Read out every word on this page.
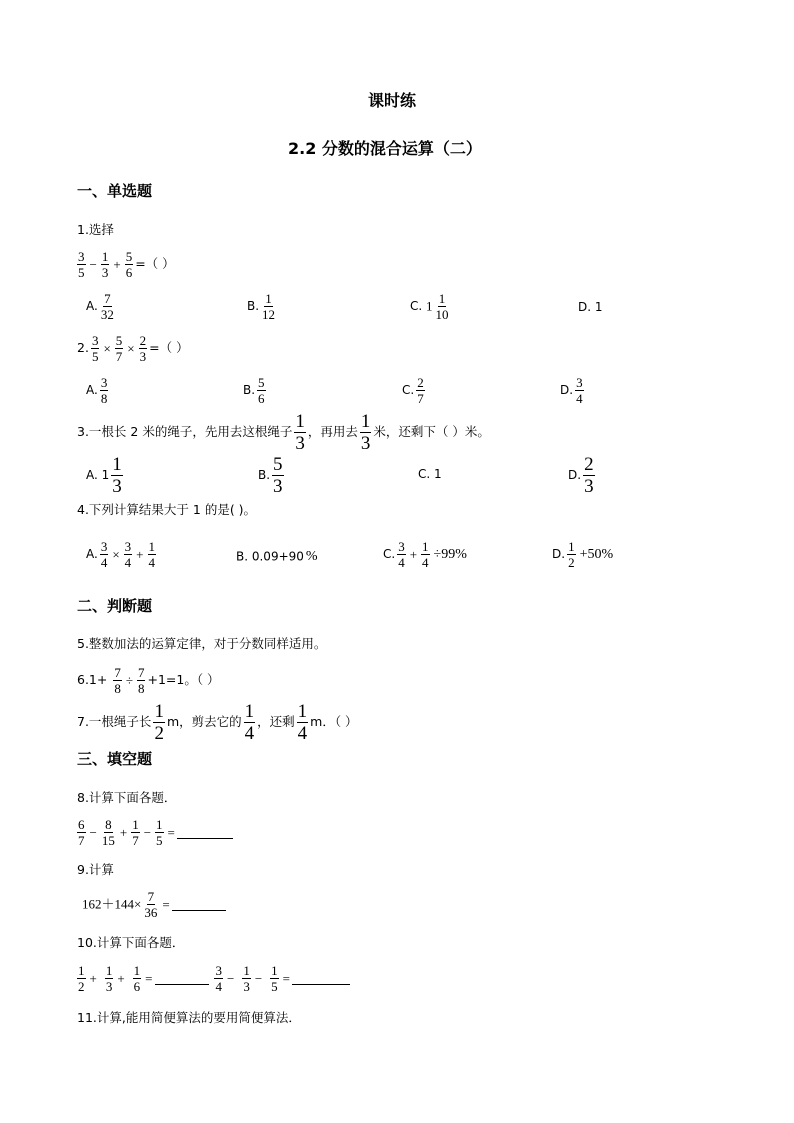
课时练
2.2 分数的混合运算（二）
一、单选题
1.选择
$\frac{3}{5} - \frac{1}{3} + \frac{5}{6}$ =（ ）
A. $\frac{7}{32}$	B. $\frac{1}{12}$	C. $1 \frac{1}{10}$	D. 1
2. $\frac{3}{5} \times \frac{5}{7} \times \frac{2}{3}$ =（ ）
A. $\frac{3}{8}$	B. $\frac{5}{6}$	C. $\frac{2}{7}$	D. $\frac{3}{4}$
3.一根长 2 米的绳子，先用去这根绳子 $\frac{1}{3}$ ，再用去 $\frac{1}{3}$ 米，还剩下（ ）米。
A. $1 \frac{1}{3}$	B. $\frac{5}{3}$	C. 1	D. $\frac{2}{3}$
4.下列计算结果大于 1 的是( )。
A. $\frac{3}{4} \times \frac{3}{4} + \frac{1}{4}$	B. 0.09+90 %	C. $\frac{3}{4} + \frac{1}{4} \div 99\%$	D. $\frac{1}{2} +50\%$
二、判断题
5.整数加法的运算定律，对于分数同样适用。
$6.1+ \frac{7}{8} \div \frac{7}{8} +1=1$。（ ）
7.一根绳子长 $\frac{1}{2}$ m，剪去它的 $\frac{1}{4}$ ，还剩 $\frac{1}{4}$ m．（ ）
三、填空题
8.计算下面各题．
$\frac{6}{7} - \frac{8}{15} + \frac{1}{7} - \frac{1}{5}$ =
9.计算
$162+144\times \frac{7}{36}$ =
10.计算下面各题．
$\frac{1}{2} + \frac{1}{3} + \frac{1}{6}$ =	$\frac{3}{4} - \frac{1}{3} - \frac{1}{5}$ =
11.计算,能用简便算法的要用简便算法．
